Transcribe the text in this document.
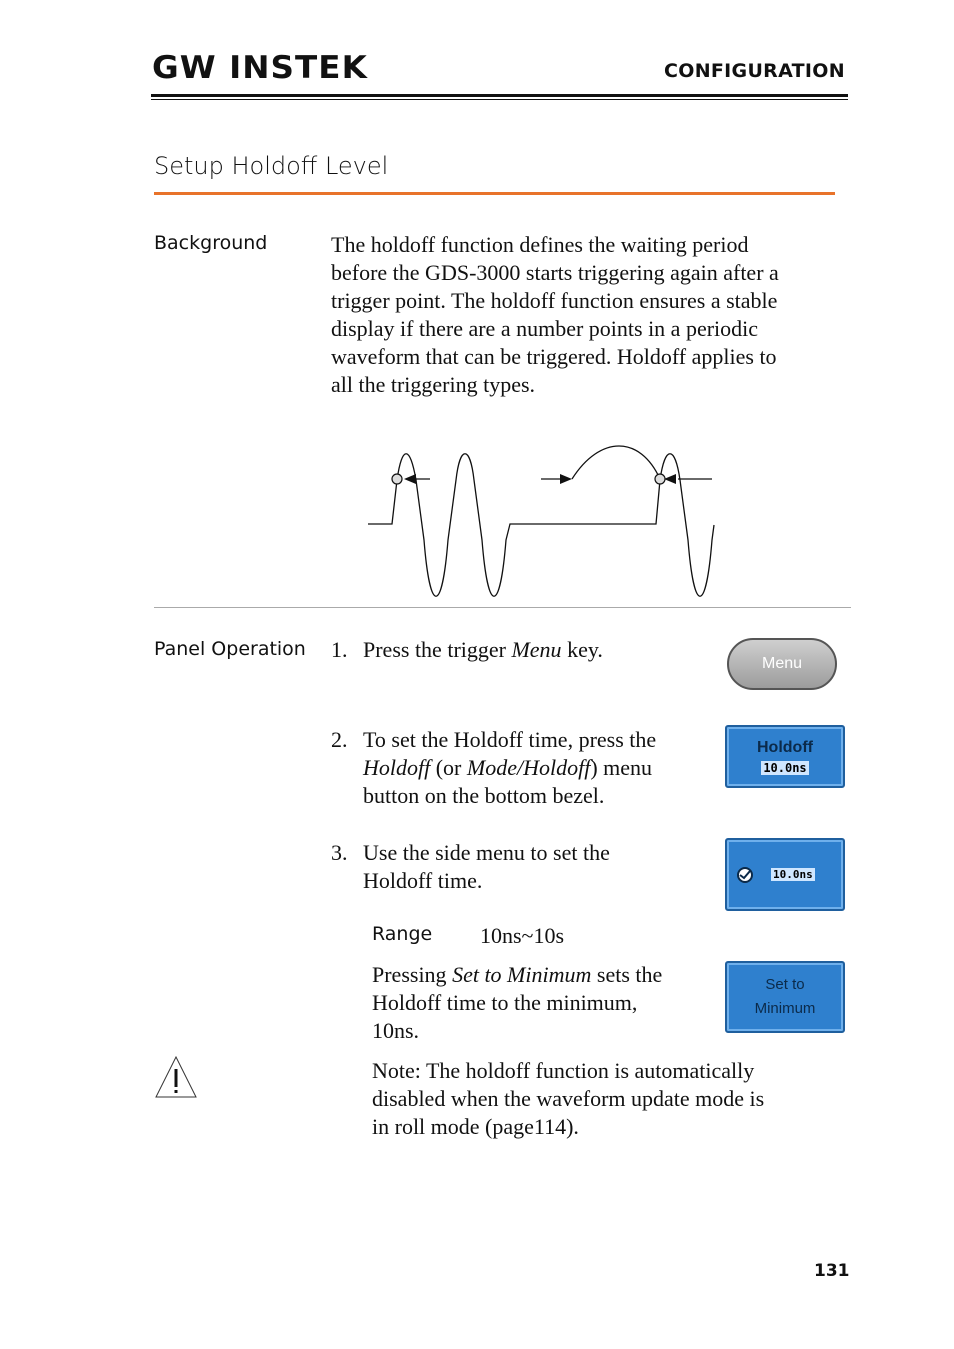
GW INSTEK	CONFIGURATION
Setup Holdoff Level
Background	The holdoff function defines the waiting period
before the GDS-3000 starts triggering again after a
trigger point. The holdoff function ensures a stable
display if there are a number points in a periodic
waveform that can be triggered. Holdoff applies to
all the triggering types.
Panel Operation 1. Press the trigger Menu key.
Menu
2. To set the Holdoff time, press the
Holdoff (or Mode/Holdoff) menu
button on the bottom bezel.
Holdoff
10.0ns
3. Use the side menu to set the
Holdoff time.	10.0ns
Range 10ns~10s
Pressing Set to Minimum sets the
Holdoff time to the minimum,
10ns.
Set to
Minimum
Note: The holdoff function is automatically
disabled when the waveform update mode is
in roll mode (page114).
131
